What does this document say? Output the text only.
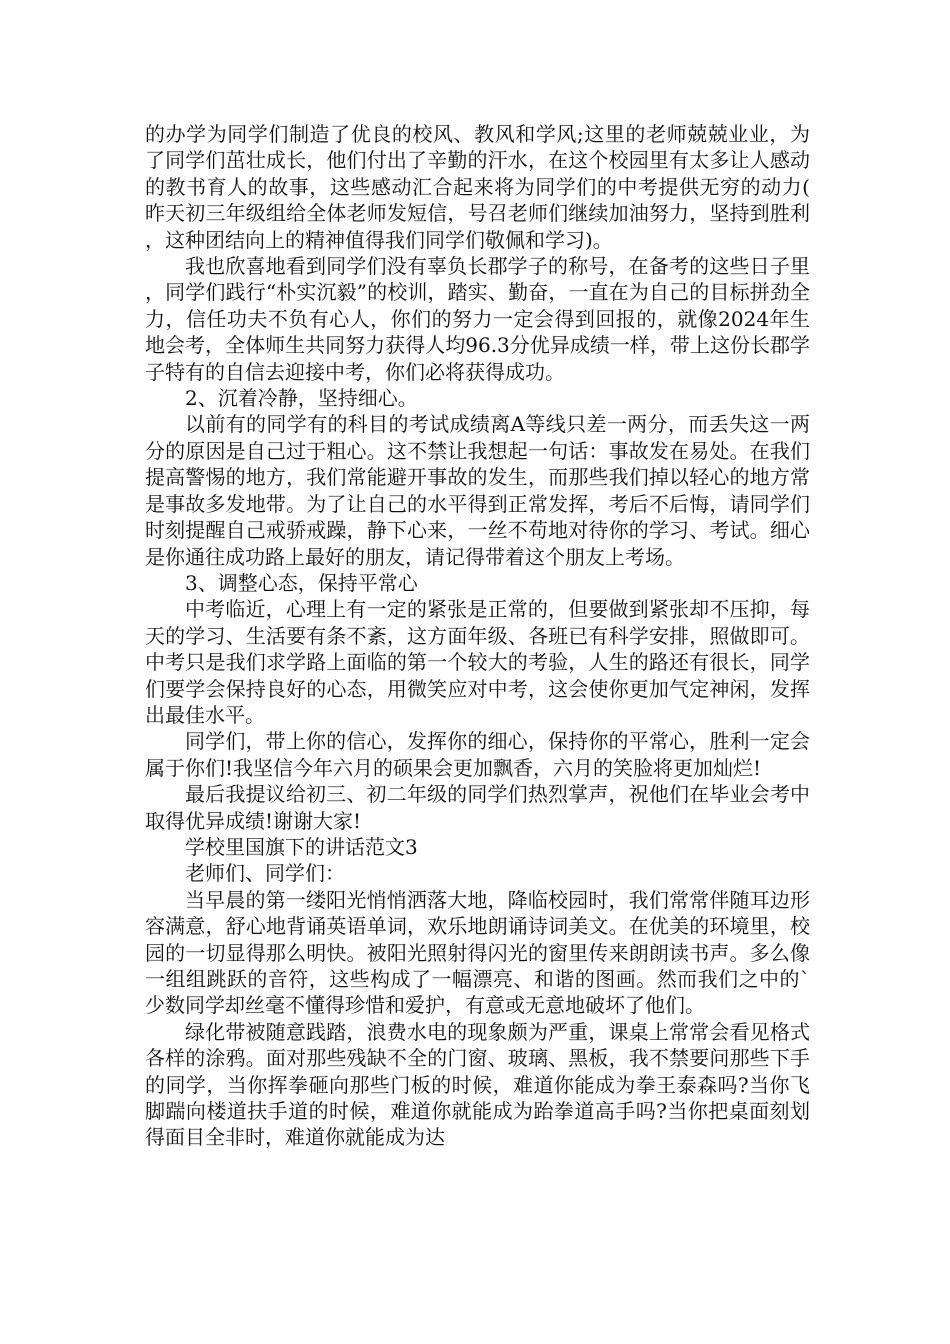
的办学为同学们制造了优良的校风、教风和学风;这里的老师兢兢业业，为了同学们茁壮成长，他们付出了辛勤的汗水，在这个校园里有太多让人感动的教书育人的故事，这些感动汇合起来将为同学们的中考提供无穷的动力(昨天初三年级组给全体老师发短信，号召老师们继续加油努力，坚持到胜利，这种团结向上的精神值得我们同学们敬佩和学习)。

我也欣喜地看到同学们没有辜负长郡学子的称号，在备考的这些日子里，同学们践行“朴实沉毅”的校训，踏实、勤奋，一直在为自己的目标拼劲全力，信任功夫不负有心人，你们的努力一定会得到回报的，就像2024年生地会考，全体师生共同努力获得人均96.3分优异成绩一样，带上这份长郡学子特有的自信去迎接中考，你们必将获得成功。

2、沉着冷静，坚持细心。

以前有的同学有的科目的考试成绩离A等线只差一两分，而丢失这一两分的原因是自己过于粗心。这不禁让我想起一句话：事故发在易处。在我们提高警惕的地方，我们常能避开事故的发生，而那些我们掉以轻心的地方常是事故多发地带。为了让自己的水平得到正常发挥，考后不后悔，请同学们时刻提醒自己戒骄戒躁，静下心来，一丝不苟地对待你的学习、考试。细心是你通往成功路上最好的朋友，请记得带着这个朋友上考场。

3、调整心态，保持平常心

中考临近，心理上有一定的紧张是正常的，但要做到紧张却不压抑，每天的学习、生活要有条不紊，这方面年级、各班已有科学安排，照做即可。中考只是我们求学路上面临的第一个较大的考验，人生的路还有很长，同学们要学会保持良好的心态，用微笑应对中考，这会使你更加气定神闲，发挥出最佳水平。

同学们，带上你的信心，发挥你的细心，保持你的平常心，胜利一定会属于你们!我坚信今年六月的硕果会更加飘香，六月的笑脸将更加灿烂!

最后我提议给初三、初二年级的同学们热烈掌声，祝他们在毕业会考中取得优异成绩!谢谢大家!

学校里国旗下的讲话范文3

老师们、同学们：

当早晨的第一缕阳光悄悄洒落大地，降临校园时，我们常常伴随耳边形容满意，舒心地背诵英语单词，欢乐地朗诵诗词美文。在优美的环境里，校园的一切显得那么明快。被阳光照射得闪光的窗里传来朗朗读书声。多么像一组组跳跃的音符，这些构成了一幅漂亮、和谐的图画。然而我们之中的`少数同学却丝毫不懂得珍惜和爱护，有意或无意地破坏了他们。

绿化带被随意践踏，浪费水电的现象颇为严重，课桌上常常会看见格式各样的涂鸦。面对那些残缺不全的门窗、玻璃、黑板，我不禁要问那些下手的同学，当你挥拳砸向那些门板的时候，难道你能成为拳王泰森吗?当你飞脚踹向楼道扶手道的时候，难道你就能成为跆拳道高手吗?当你把桌面刻划得面目全非时，难道你就能成为达
